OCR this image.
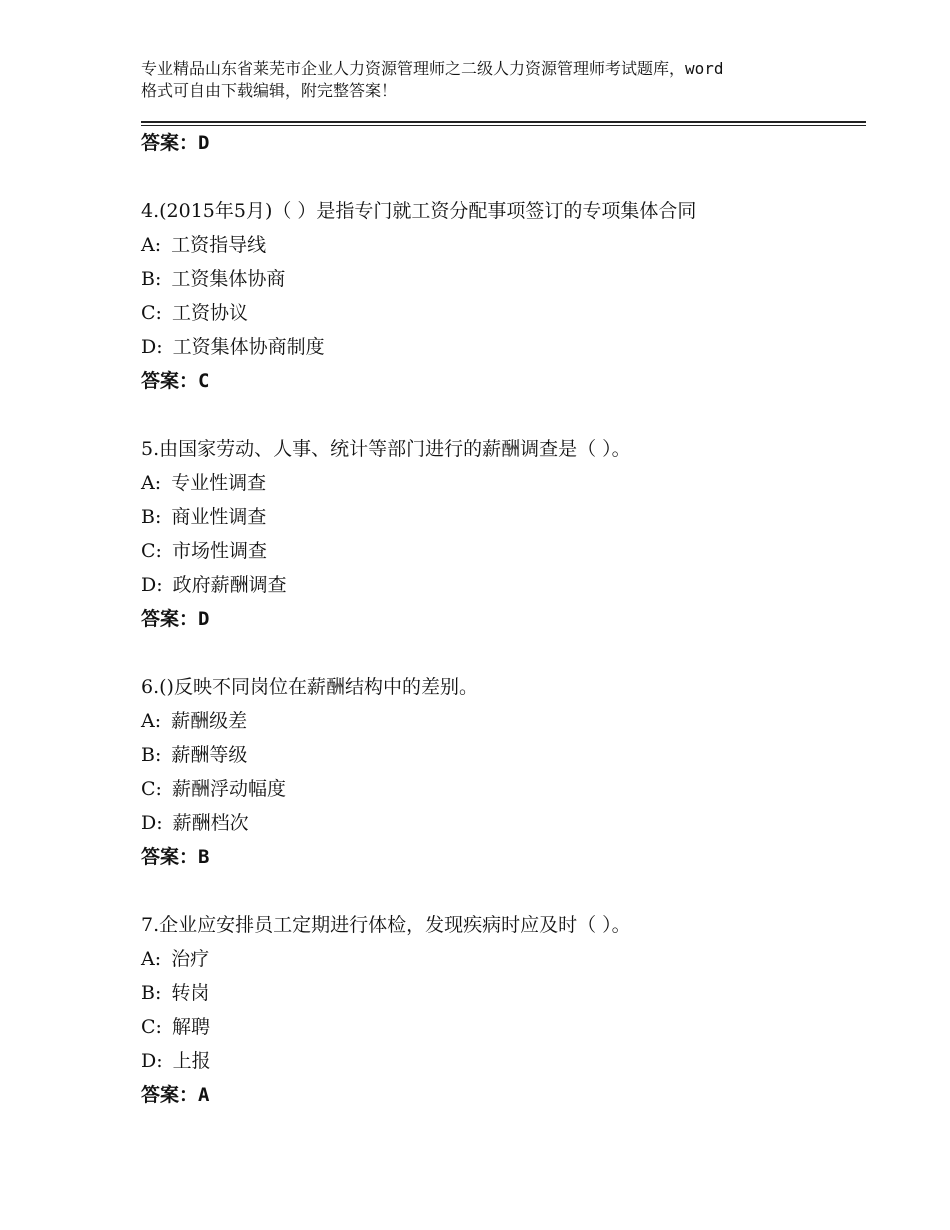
专业精品山东省莱芜市企业人力资源管理师之二级人力资源管理师考试题库，word
格式可自由下载编辑，附完整答案！
答案：D
4.(2015年5月)（ ）是指专门就工资分配事项签订的专项集体合同
A: 工资指导线
B: 工资集体协商
C: 工资协议
D: 工资集体协商制度
答案：C
5.由国家劳动、人事、统计等部门进行的薪酬调查是（ ）。
A: 专业性调查
B: 商业性调查
C: 市场性调查
D: 政府薪酬调查
答案：D
6.()反映不同岗位在薪酬结构中的差别。
A: 薪酬级差
B: 薪酬等级
C: 薪酬浮动幅度
D: 薪酬档次
答案：B
7.企业应安排员工定期进行体检，发现疾病时应及时（ ）。
A: 治疗
B: 转岗
C: 解聘
D: 上报
答案：A
